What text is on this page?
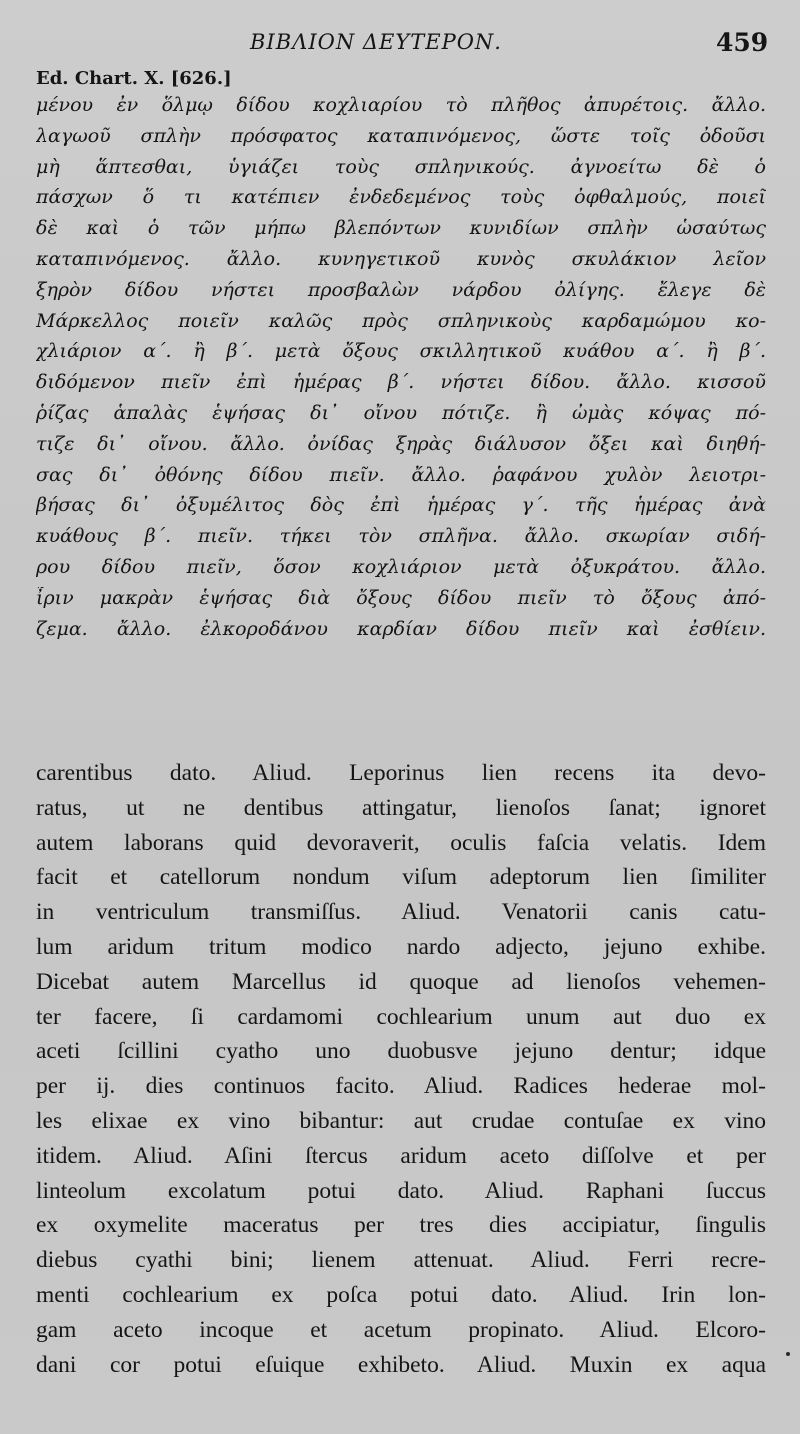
ΒΙΒΛΙΟΝ ΔΕΥΤΕΡΟΝ.	459
Ed. Chart. X. [626.]
μένου ἐν ὅλμῳ δίδου κοχλιαρίου τὸ πλῆθος ἀπυρέτοις. ἄλλο.
λαγωοῦ σπλὴν πρόσφατος καταπινόμενος, ὥστε τοῖς ὀδοῦσι
μὴ ἅπτεσθαι, ὑγιάζει τοὺς σπληνικούς. ἀγνοείτω δὲ ὁ
πάσχων ὅ τι κατέπιεν ἐνδεδεμένος τοὺς ὀφθαλμούς, ποιεῖ
δὲ καὶ ὁ τῶν μήπω βλεπόντων κυνιδίων σπλὴν ὡσαύτως
καταπινόμενος. ἄλλο. κυνηγετικοῦ κυνὸς σκυλάκιον λεῖον
ξηρὸν δίδου νήστει προσβαλὼν νάρδου ὀλίγης. ἔλεγε δὲ
Μάρκελλος ποιεῖν καλῶς πρὸς σπληνικοὺς καρδαμώμου κο-
χλιάριον α΄. ἢ β΄. μετὰ ὄξους σκιλλητικοῦ κυάθου α΄. ἢ β΄.
διδόμενον πιεῖν ἐπὶ ἡμέρας β΄. νήστει δίδου. ἄλλο. κισσοῦ
ῥίζας ἁπαλὰς ἑψήσας δι᾽ οἴνου πότιζε. ἢ ὠμὰς κόψας πό-
τιζε δι᾽ οἴνου. ἄλλο. ὀνίδας ξηρὰς διάλυσον ὄξει καὶ διηθή-
σας δι᾽ ὀθόνης δίδου πιεῖν. ἄλλο. ῥαφάνου χυλὸν λειοτρι-
βήσας δι᾽ ὀξυμέλιτος δὸς ἐπὶ ἡμέρας γ΄. τῆς ἡμέρας ἀνὰ
κυάθους β΄. πιεῖν. τήκει τὸν σπλῆνα. ἄλλο. σκωρίαν σιδή-
ρου δίδου πιεῖν, ὅσον κοχλιάριον μετὰ ὀξυκράτου. ἄλλο.
ἶριν μακρὰν ἑψήσας διὰ ὄξους δίδου πιεῖν τὸ ὄξους ἀπό-
ζεμα. ἄλλο. ἐλκοροδάνου καρδίαν δίδου πιεῖν καὶ ἐσθίειν.
carentibus dato. Aliud. Leporinus lien recens ita devo-
ratus, ut ne dentibus attingatur, lienoſos ſanat; ignoret
autem laborans quid devoraverit, oculis faſcia velatis. Idem
facit et catellorum nondum viſum adeptorum lien ſimiliter
in ventriculum transmiſſus. Aliud. Venatorii canis catu-
lum aridum tritum modico nardo adjecto, jejuno exhibe.
Dicebat autem Marcellus id quoque ad lienoſos vehemen-
ter facere, ſi cardamomi cochlearium unum aut duo ex
aceti ſcillini cyatho uno duobusve jejuno dentur; idque
per ij. dies continuos facito. Aliud. Radices hederae mol-
les elixae ex vino bibantur: aut crudae contuſae ex vino
itidem. Aliud. Aſini ſtercus aridum aceto diſſolve et per
linteolum excolatum potui dato. Aliud. Raphani ſuccus
ex oxymelite maceratus per tres dies accipiatur, ſingulis
diebus cyathi bini; lienem attenuat. Aliud. Ferri recre-
menti cochlearium ex poſca potui dato. Aliud. Irin lon-
gam aceto incoque et acetum propinato. Aliud. Elcoro-
dani cor potui eſuique exhibeto. Aliud. Muxin ex aqua
